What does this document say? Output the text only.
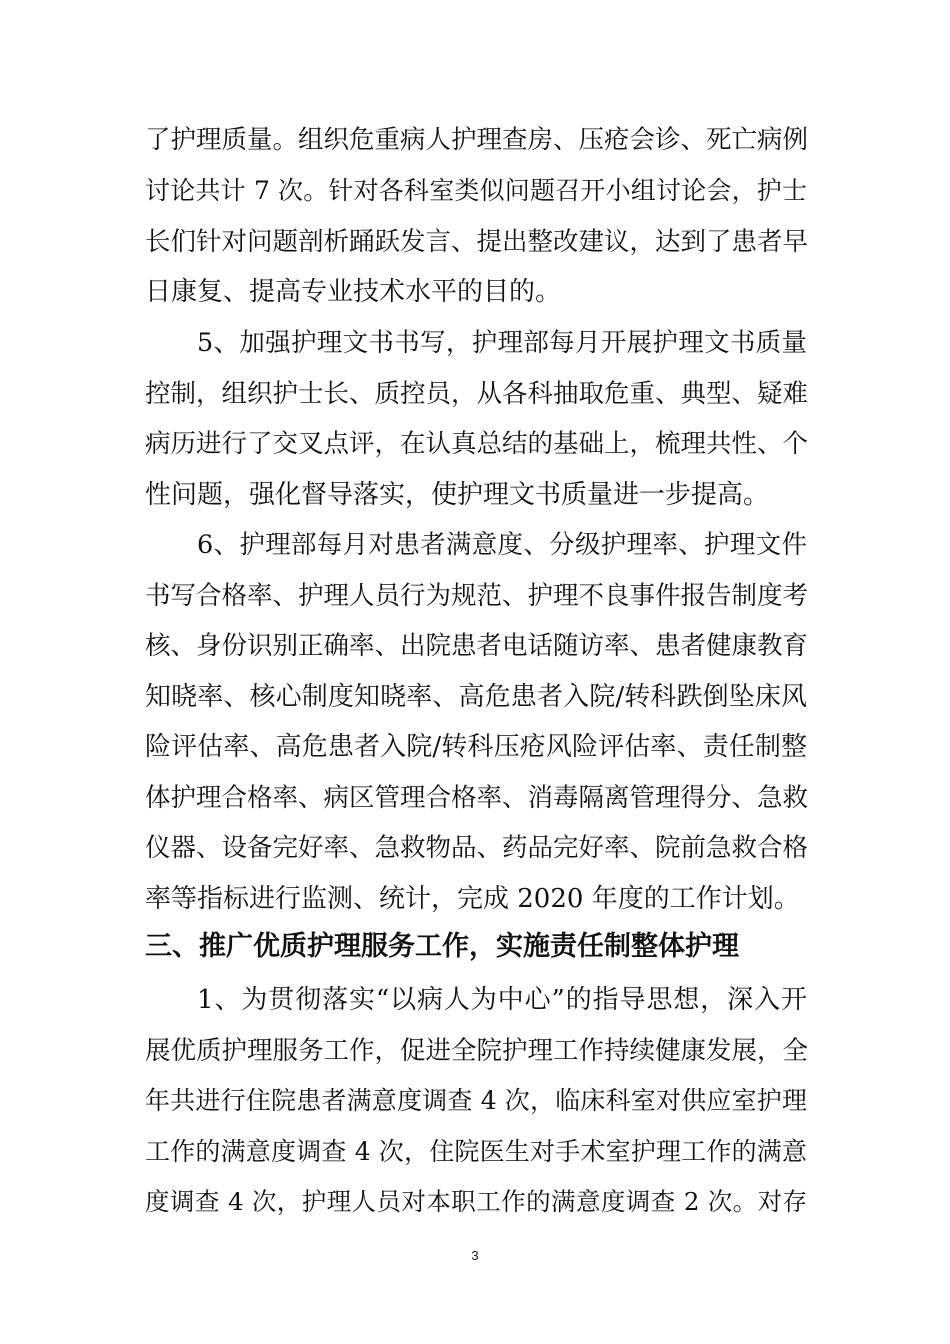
了护理质量。组织危重病人护理查房、压疮会诊、死亡病例
讨论共计 7 次。针对各科室类似问题召开小组讨论会，护士
长们针对问题剖析踊跃发言、提出整改建议，达到了患者早
日康复、提高专业技术水平的目的。
5、加强护理文书书写，护理部每月开展护理文书质量
控制，组织护士长、质控员，从各科抽取危重、典型、疑难
病历进行了交叉点评，在认真总结的基础上，梳理共性、个
性问题，强化督导落实，使护理文书质量进一步提高。
6、护理部每月对患者满意度、分级护理率、护理文件
书写合格率、护理人员行为规范、护理不良事件报告制度考
核、身份识别正确率、出院患者电话随访率、患者健康教育
知晓率、核心制度知晓率、高危患者入院/转科跌倒坠床风
险评估率、高危患者入院/转科压疮风险评估率、责任制整
体护理合格率、病区管理合格率、消毒隔离管理得分、急救
仪器、设备完好率、急救物品、药品完好率、院前急救合格
率等指标进行监测、统计，完成 2020 年度的工作计划。
三、推广优质护理服务工作，实施责任制整体护理
1、为贯彻落实“以病人为中心”的指导思想，深入开
展优质护理服务工作，促进全院护理工作持续健康发展，全
年共进行住院患者满意度调查 4 次，临床科室对供应室护理
工作的满意度调查 4 次，住院医生对手术室护理工作的满意
度调查 4 次，护理人员对本职工作的满意度调查 2 次。对存
3
